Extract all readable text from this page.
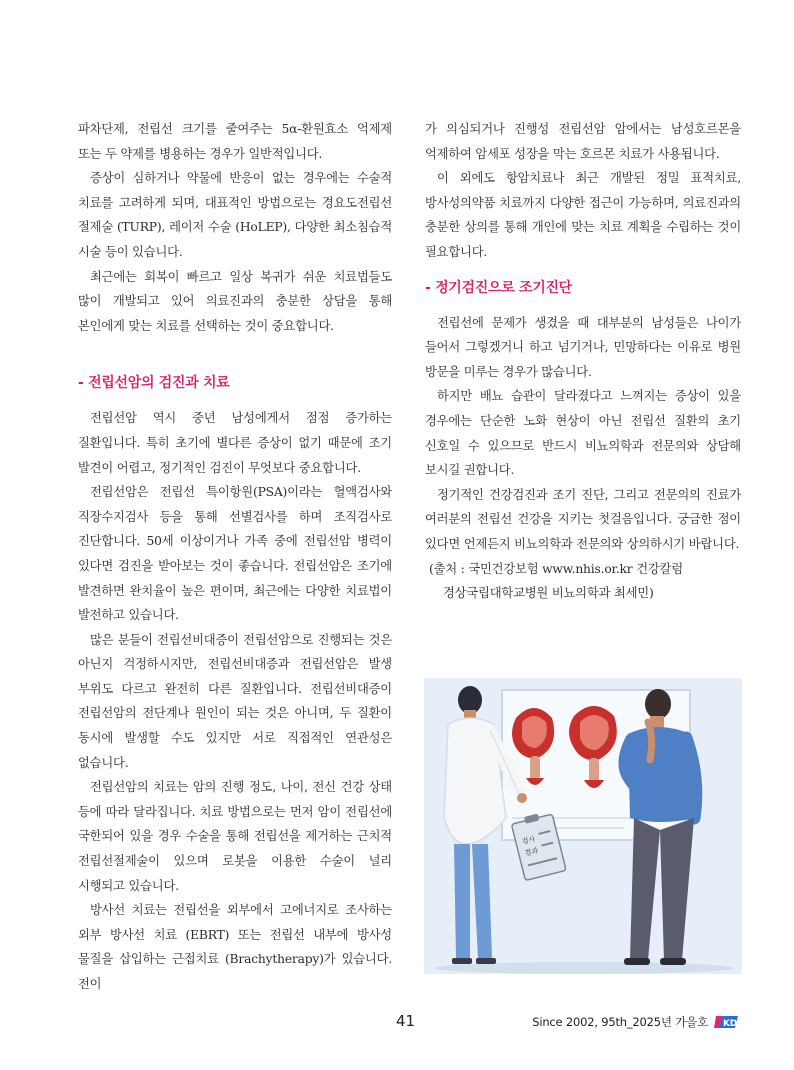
파차단제, 전립선 크기를 줄여주는 5α-환원효소 억제제 또는 두 약제를 병용하는 경우가 일반적입니다.

증상이 심하거나 약물에 반응이 없는 경우에는 수술적 치료를 고려하게 되며, 대표적인 방법으로는 경요도전립선 절제술 (TURP), 레이저 수술 (HoLEP), 다양한 최소침습적 시술 등이 있습니다.

최근에는 회복이 빠르고 일상 복귀가 쉬운 치료법들도 많이 개발되고 있어 의료진과의 충분한 상담을 통해 본인에게 맞는 치료를 선택하는 것이 중요합니다.

- 전립선암의 검진과 치료

전립선암 역시 중년 남성에게서 점점 증가하는 질환입니다. 특히 초기에 별다른 증상이 없기 때문에 조기 발견이 어렵고, 정기적인 검진이 무엇보다 중요합니다.

전립선암은 전립선 특이항원(PSA)이라는 혈액검사와 직장수지검사 등을 통해 선별검사를 하며 조직검사로 진단합니다. 50세 이상이거나 가족 중에 전립선암 병력이 있다면 검진을 받아보는 것이 좋습니다. 전립선암은 조기에 발견하면 완치율이 높은 편이며, 최근에는 다양한 치료법이 발전하고 있습니다.

많은 분들이 전립선비대증이 전립선암으로 진행되는 것은 아닌지 걱정하시지만, 전립선비대증과 전립선암은 발생 부위도 다르고 완전히 다른 질환입니다. 전립선비대증이 전립선암의 전단계나 원인이 되는 것은 아니며, 두 질환이 동시에 발생할 수도 있지만 서로 직접적인 연관성은 없습니다.

전립선암의 치료는 암의 진행 정도, 나이, 전신 건강 상태 등에 따라 달라집니다. 치료 방법으로는 먼저 암이 전립선에 국한되어 있을 경우 수술을 통해 전립선을 제거하는 근치적 전립선절제술이 있으며 로봇을 이용한 수술이 널리 시행되고 있습니다.

방사선 치료는 전립선을 외부에서 고에너지로 조사하는 외부 방사선 치료 (EBRT) 또는 전립선 내부에 방사성 물질을 삽입하는 근접치료 (Brachytherapy)가 있습니다. 전이

가 의심되거나 진행성 전립선암 암에서는 남성호르몬을 억제하여 암세포 성장을 막는 호르몬 치료가 사용됩니다.

이 외에도 항암치료나 최근 개발된 정밀 표적치료, 방사성의약품 치료까지 다양한 접근이 가능하며, 의료진과의 충분한 상의를 통해 개인에 맞는 치료 계획을 수립하는 것이 필요합니다.

- 정기검진으로 조기진단

전립선에 문제가 생겼을 때 대부분의 남성들은 나이가 들어서 그렇겠거니 하고 넘기거나, 민망하다는 이유로 병원 방문을 미루는 경우가 많습니다.

하지만 배뇨 습관이 달라졌다고 느껴지는 증상이 있을 경우에는 단순한 노화 현상이 아닌 전립선 질환의 초기 신호일 수 있으므로 반드시 비뇨의학과 전문의와 상담해 보시길 권합니다.

정기적인 건강검진과 조기 진단, 그리고 전문의의 진료가 여러분의 전립선 건강을 지키는 첫걸음입니다. 궁금한 점이 있다면 언제든지 비뇨의학과 전문의와 상의하시기 바랍니다.

(출처 : 국민건강보험 www.nhis.or.kr 건강칼럼

경상국립대학교병원 비뇨의학과 최세민)

검사
결과
41	Since 2002, 95th_2025년 가을호 KD
